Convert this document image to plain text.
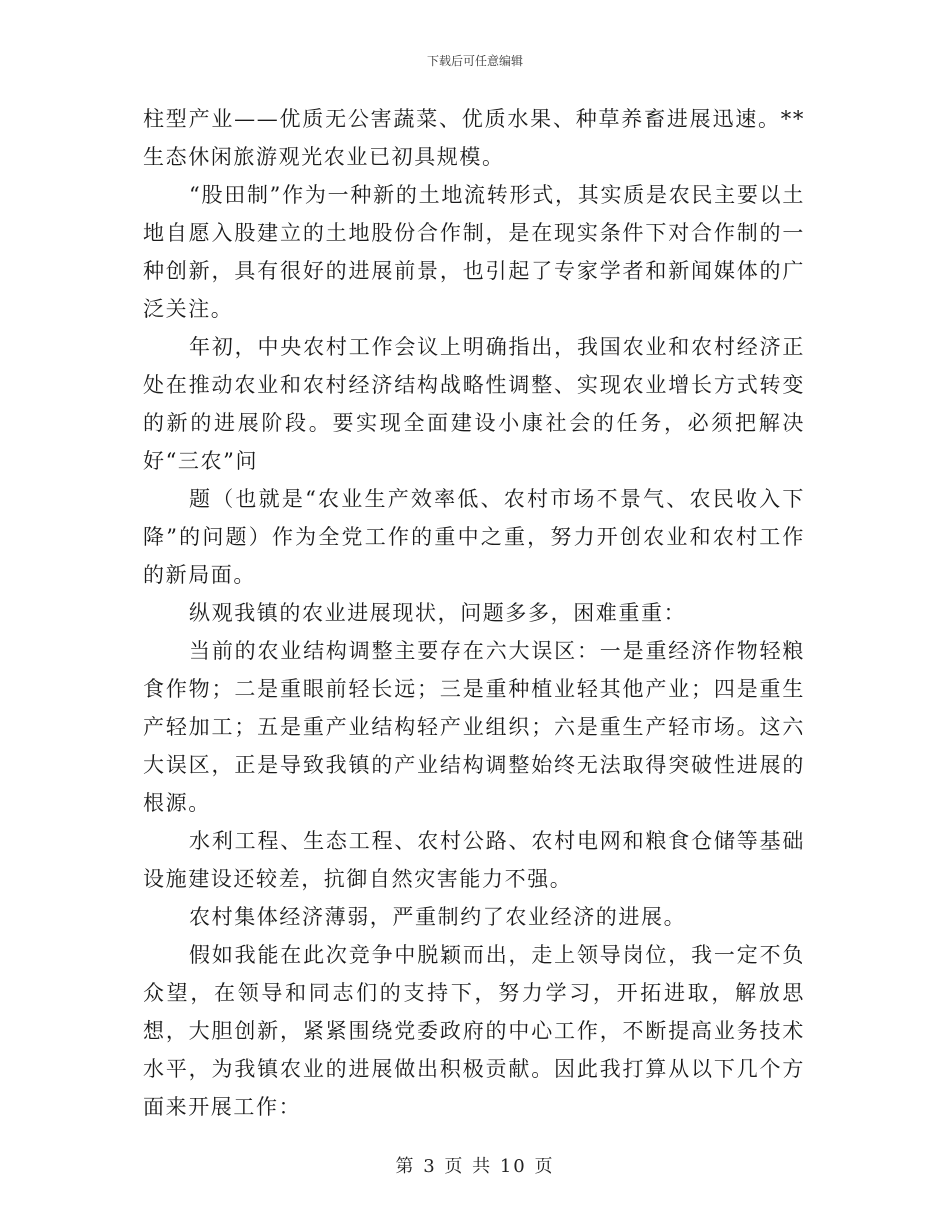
下载后可任意编辑

柱型产业——优质无公害蔬菜、优质水果、种草养畜进展迅速。**生态休闲旅游观光农业已初具规模。

“股田制”作为一种新的土地流转形式，其实质是农民主要以土地自愿入股建立的土地股份合作制，是在现实条件下对合作制的一种创新，具有很好的进展前景，也引起了专家学者和新闻媒体的广泛关注。

年初，中央农村工作会议上明确指出，我国农业和农村经济正处在推动农业和农村经济结构战略性调整、实现农业增长方式转变的新的进展阶段。要实现全面建设小康社会的任务，必须把解决好“三农”问

题（也就是“农业生产效率低、农村市场不景气、农民收入下降”的问题）作为全党工作的重中之重，努力开创农业和农村工作的新局面。

纵观我镇的农业进展现状，问题多多，困难重重：

当前的农业结构调整主要存在六大误区：一是重经济作物轻粮食作物；二是重眼前轻长远；三是重种植业轻其他产业；四是重生产轻加工；五是重产业结构轻产业组织；六是重生产轻市场。这六大误区，正是导致我镇的产业结构调整始终无法取得突破性进展的根源。

水利工程、生态工程、农村公路、农村电网和粮食仓储等基础设施建设还较差，抗御自然灾害能力不强。

农村集体经济薄弱，严重制约了农业经济的进展。

假如我能在此次竞争中脱颖而出，走上领导岗位，我一定不负众望，在领导和同志们的支持下，努力学习，开拓进取，解放思想，大胆创新，紧紧围绕党委政府的中心工作，不断提高业务技术水平，为我镇农业的进展做出积极贡献。因此我打算从以下几个方面来开展工作：

第 3 页 共 10 页
